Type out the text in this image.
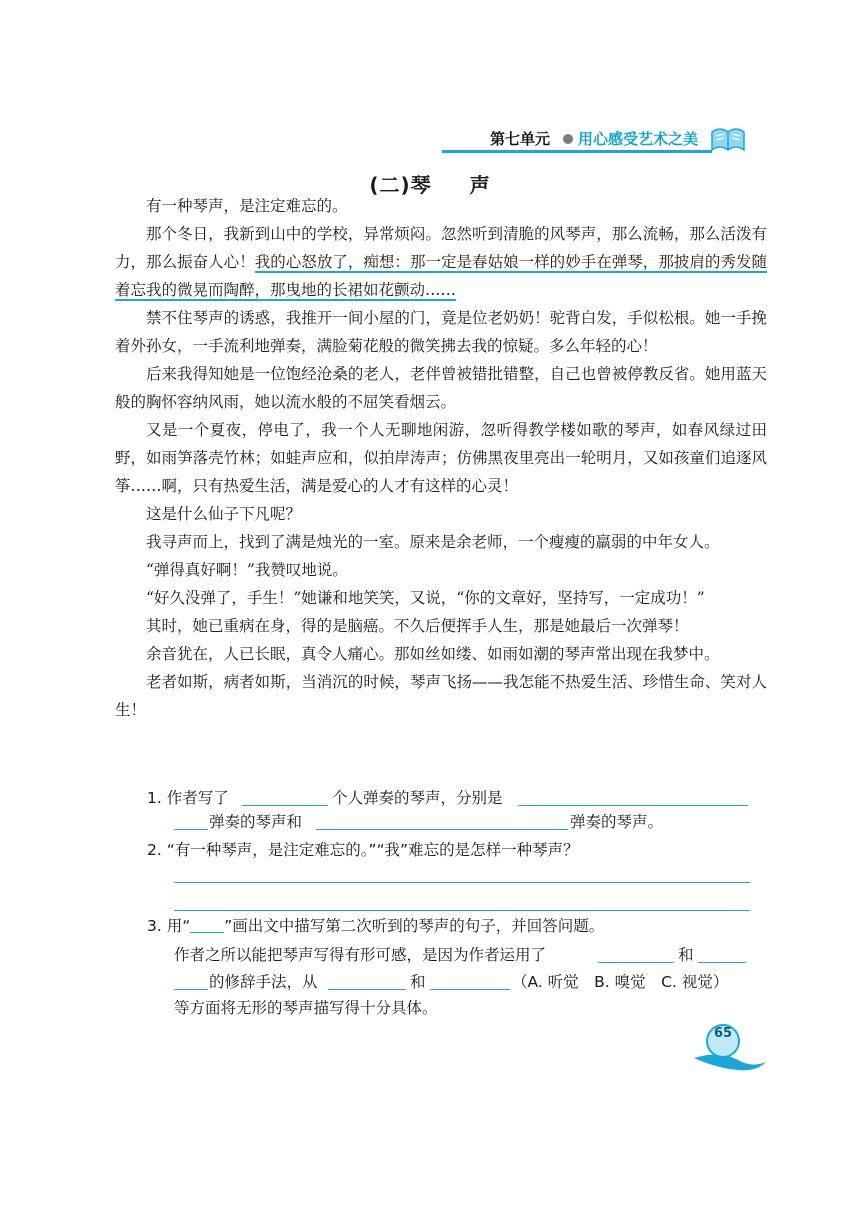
第七单元 用心感受艺术之美
(二)琴 声

有一种琴声，是注定难忘的。

那个冬日，我新到山中的学校，异常烦闷。忽然听到清脆的风琴声，那么流畅，那么活泼有力，那么振奋人心！我的心怒放了，痴想：那一定是春姑娘一样的妙手在弹琴，那披肩的秀发随着忘我的微晃而陶醉，那曳地的长裙如花颤动……

禁不住琴声的诱惑，我推开一间小屋的门，竟是位老奶奶！驼背白发，手似松根。她一手挽着外孙女，一手流利地弹奏，满脸菊花般的微笑拂去我的惊疑。多么年轻的心！

后来我得知她是一位饱经沧桑的老人，老伴曾被错批错整，自己也曾被停教反省。她用蓝天般的胸怀容纳风雨，她以流水般的不屈笑看烟云。

又是一个夏夜，停电了，我一个人无聊地闲游，忽听得教学楼如歌的琴声，如春风绿过田野，如雨笋落壳竹林；如蛙声应和，似拍岸涛声；仿佛黑夜里亮出一轮明月，又如孩童们追逐风筝……啊，只有热爱生活，满是爱心的人才有这样的心灵！

这是什么仙子下凡呢？

我寻声而上，找到了满是烛光的一室。原来是余老师，一个瘦瘦的羸弱的中年女人。

“弹得真好啊！”我赞叹地说。

“好久没弹了，手生！”她谦和地笑笑，又说，“你的文章好，坚持写，一定成功！”

其时，她已重病在身，得的是脑癌。不久后便挥手人生，那是她最后一次弹琴！

余音犹在，人已长眠，真令人痛心。那如丝如缕、如雨如潮的琴声常出现在我梦中。

老者如斯，病者如斯，当消沉的时候，琴声飞扬——我怎能不热爱生活、珍惜生命、笑对人生！

1. 作者写了	个人弹奏的琴声，分别是
弹奏的琴声和	弹奏的琴声。
2. “有一种琴声，是注定难忘的。”“我”难忘的是怎样一种琴声？
3. 用“ ”画出文中描写第二次听到的琴声的句子，并回答问题。
作者之所以能把琴声写得有形可感，是因为作者运用了	和
的修辞手法，从	和	（A. 听觉　B. 嗅觉　C. 视觉）
等方面将无形的琴声描写得十分具体。
65
